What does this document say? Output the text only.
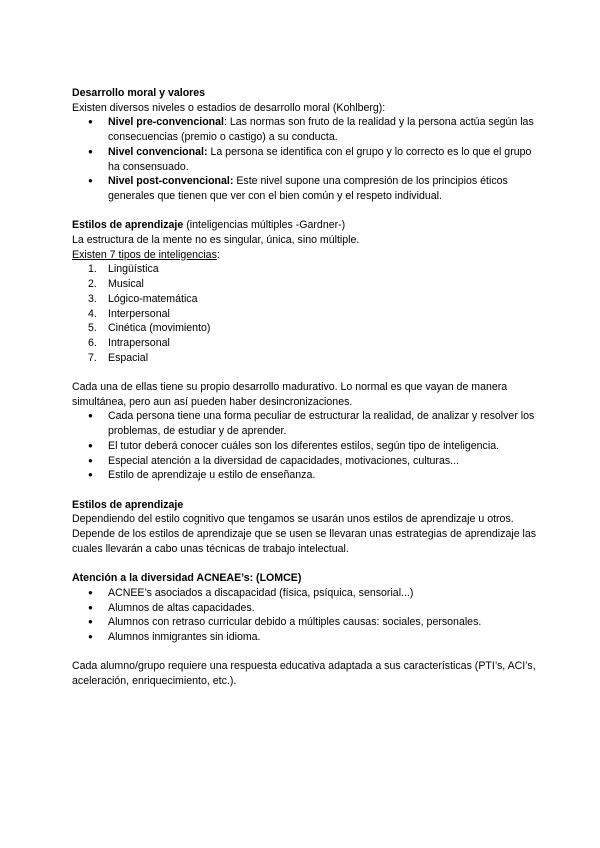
Desarrollo moral y valores

Existen diversos niveles o estadios de desarrollo moral (Kohlberg):

● Nivel pre-convencional: Las normas son fruto de la realidad y la persona actúa según las consecuencias (premio o castigo) a su conducta.
● Nivel convencional: La persona se identifica con el grupo y lo correcto es lo que el grupo ha consensuado.
● Nivel post-convencional: Este nivel supone una compresión de los principios éticos generales que tienen que ver con el bien común y el respeto individual.

Estilos de aprendizaje (inteligencias múltiples -Gardner-)

La estructura de la mente no es singular, única, sino múltiple.

Existen 7 tipos de inteligencias:

1. Lingüística
2. Musical
3. Lógico-matemática
4. Interpersonal
5. Cinética (movimiento)
6. Intrapersonal
7. Espacial

Cada una de ellas tiene su propio desarrollo madurativo. Lo normal es que vayan de manera simultánea, pero aun así pueden haber desincronizaciones.

● Cada persona tiene una forma peculiar de estructurar la realidad, de analizar y resolver los problemas, de estudiar y de aprender.
● El tutor deberá conocer cuáles son los diferentes estilos, según tipo de inteligencia.
● Especial atención a la diversidad de capacidades, motivaciones, culturas...
● Estilo de aprendizaje u estilo de enseñanza.

Estilos de aprendizaje

Dependiendo del estilo cognitivo que tengamos se usarán unos estilos de aprendizaje u otros. Depende de los estilos de aprendizaje que se usen se llevaran unas estrategias de aprendizaje las cuales llevarán a cabo unas técnicas de trabajo intelectual.

Atención a la diversidad ACNEAE’s: (LOMCE)

● ACNEE’s asociados a discapacidad (física, psíquica, sensorial...)
● Alumnos de altas capacidades.
● Alumnos con retraso curricular debido a múltiples causas: sociales, personales.
● Alumnos inmigrantes sin idioma.

Cada alumno/grupo requiere una respuesta educativa adaptada a sus características (PTI’s, ACI’s, aceleración, enriquecimiento, etc.).
